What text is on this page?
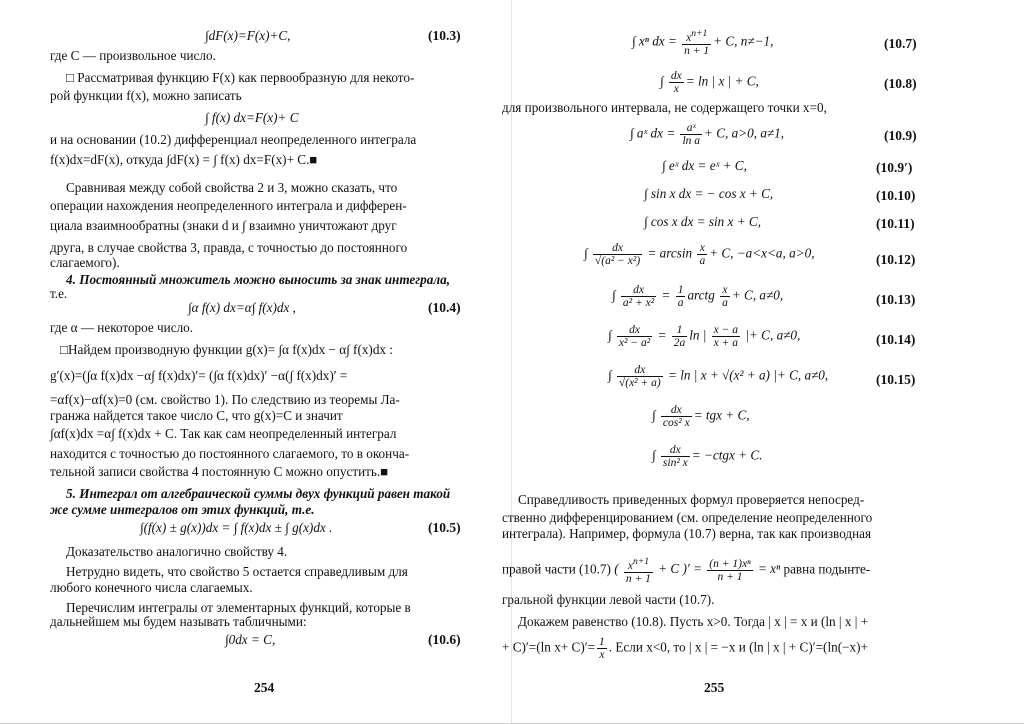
∫dF(x)=F(x)+C,	(10.3)
где C — произвольное число.
□ Рассматривая функцию F(x) как первообразную для некото-
рой функции f(x), можно записать
∫ f(x) dx=F(x)+ C
и на основании (10.2) дифференциал неопределенного интеграла
f(x)dx=dF(x), откуда ∫dF(x) = ∫ f(x) dx=F(x)+ C.■
Сравнивая между собой свойства 2 и 3, можно сказать, что
операции нахождения неопределенного интеграла и дифферен-
циала взаимнообратны (знаки d и ∫ взаимно уничтожают друг
друга, в случае свойства 3, правда, с точностью до постоянного
слагаемого).
4. Постоянный множитель можно выносить за знак интеграла,
т.е.
∫α f(x) dx=α∫ f(x)dx ,	(10.4)
где α — некоторое число.
□Найдем производную функции g(x)= ∫α f(x)dx − α∫ f(x)dx :
g′(x)=(∫α f(x)dx −α∫ f(x)dx)′= (∫α f(x)dx)′ −α(∫ f(x)dx)′ =
=αf(x)−αf(x)=0 (см. свойство 1). По следствию из теоремы Ла-
гранжа найдется такое число C, что g(x)=C и значит
∫αf(x)dx =α∫ f(x)dx + C. Так как сам неопределенный интеграл
находится с точностью до постоянного слагаемого, то в оконча-
тельной записи свойства 4 постоянную C можно опустить.■
5. Интеграл от алгебраической суммы двух функций равен такой
же сумме интегралов от этих функций, т.е.
∫(f(x) ± g(x))dx = ∫ f(x)dx ± ∫ g(x)dx .	(10.5)
Доказательство аналогично свойству 4.
Нетрудно видеть, что свойство 5 остается справедливым для
любого конечного числа слагаемых.
Перечислим интегралы от элементарных функций, которые в
дальнейшем мы будем называть табличными:
∫0dx = C,	(10.6)
254
∫ xⁿ dx = $\frac{x^{n+1}}{n + 1} + C$, n≠−1,	(10.7)
∫ $\frac{dx}{x} = \ln$ | x | + C,	(10.8)
для произвольного интервала, не содержащего точки x=0,
∫ aˣ dx = $\frac{\text{aˣ}}{\text{ln a}} + C$, a>0, a≠1,	(10.9)
∫ eˣ dx = eˣ + C,	(10.9′)
∫ sin x dx = − cos x + C,	(10.10)
∫ cos x dx = sin x + C,	(10.11)
∫ $\frac{dx}{\text{√(a² − x²)}} = \arcsin \frac{x}{a} + C$, −a<x<a, a>0,	(10.12)
∫ $\frac{dx}{\text{a² + x²}} = \frac{1}{a}$ arctg $\frac{x}{a} + C$, a≠0,	(10.13)
∫ $\frac{dx}{\text{x² − a²}} = \frac{1}{2a}$ ln | $\frac{x - a}{x + a}$ |+ C, a≠0,	(10.14)
∫ $\frac{dx}{\text{√(x² + a)}} = \ln$ | x + √(x² + a) |+ C, a≠0,	(10.15)
∫ $\frac{dx}{\text{cos² x}}$ = tgx + C,
∫ $\frac{dx}{\text{sin² x}}$ = −ctgx + C.
Справедливость приведенных формул проверяется непосред-
ственно дифференцированием (см. определение неопределенного
интеграла). Например, формула (10.7) верна, так как производная
правой части (10.7) ( $\frac{x^{n+1}}{n + 1} + C$ )′ = $\frac{\text{(n + 1)xⁿ}}{n + 1} = x^n$ равна подынте-
гральной функции левой части (10.7).
Докажем равенство (10.8). Пусть x>0. Тогда | x | = x и (ln | x | +
+ C)′=(ln $x+ C)'= \frac{1}{x}$ . Если x<0, то | x | = −x и (ln | x | + C)′=(ln(−x)+
255
